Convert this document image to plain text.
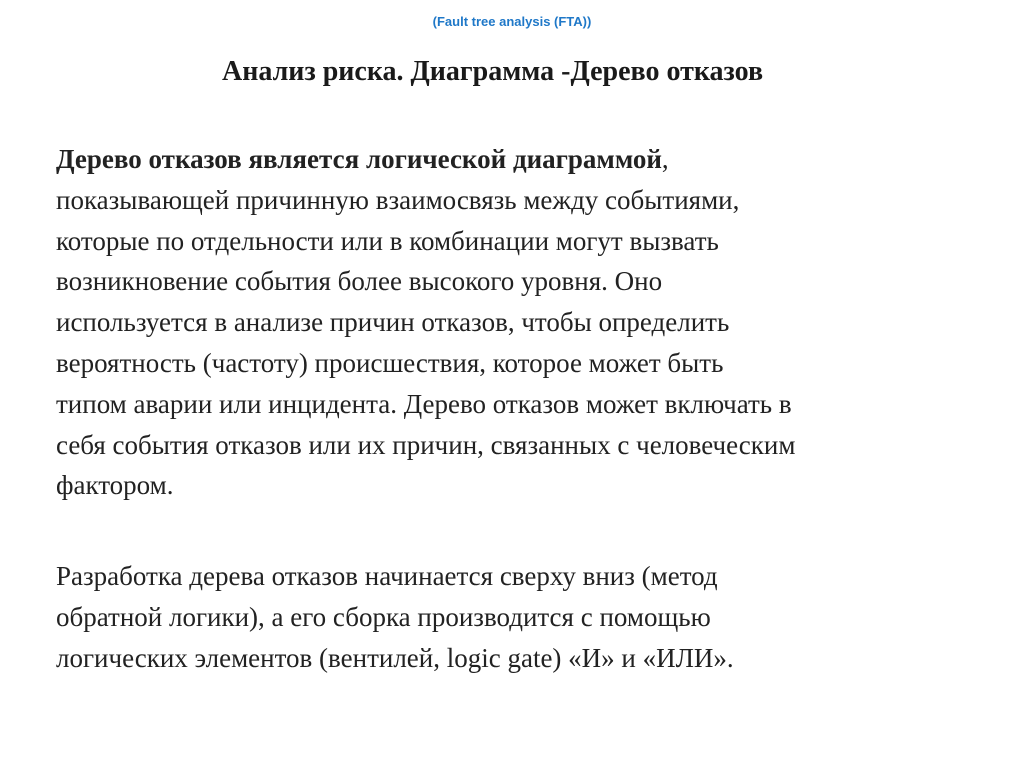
(Fault tree analysis (FTA))
Анализ риска. Диаграмма -Дерево отказов
Дерево отказов является логической диаграммой,
показывающей причинную взаимосвязь между событиями,
которые по отдельности или в комбинации могут вызвать
возникновение события более высокого уровня. Оно
используется в анализе причин отказов, чтобы определить
вероятность (частоту) происшествия, которое может быть
типом аварии или инцидента. Дерево отказов может включать в
себя события отказов или их причин, связанных с человеческим
фактором.
Разработка дерева отказов начинается сверху вниз (метод
обратной логики), а его сборка производится с помощью
логических элементов (вентилей, logic gate) «И» и «ИЛИ».
